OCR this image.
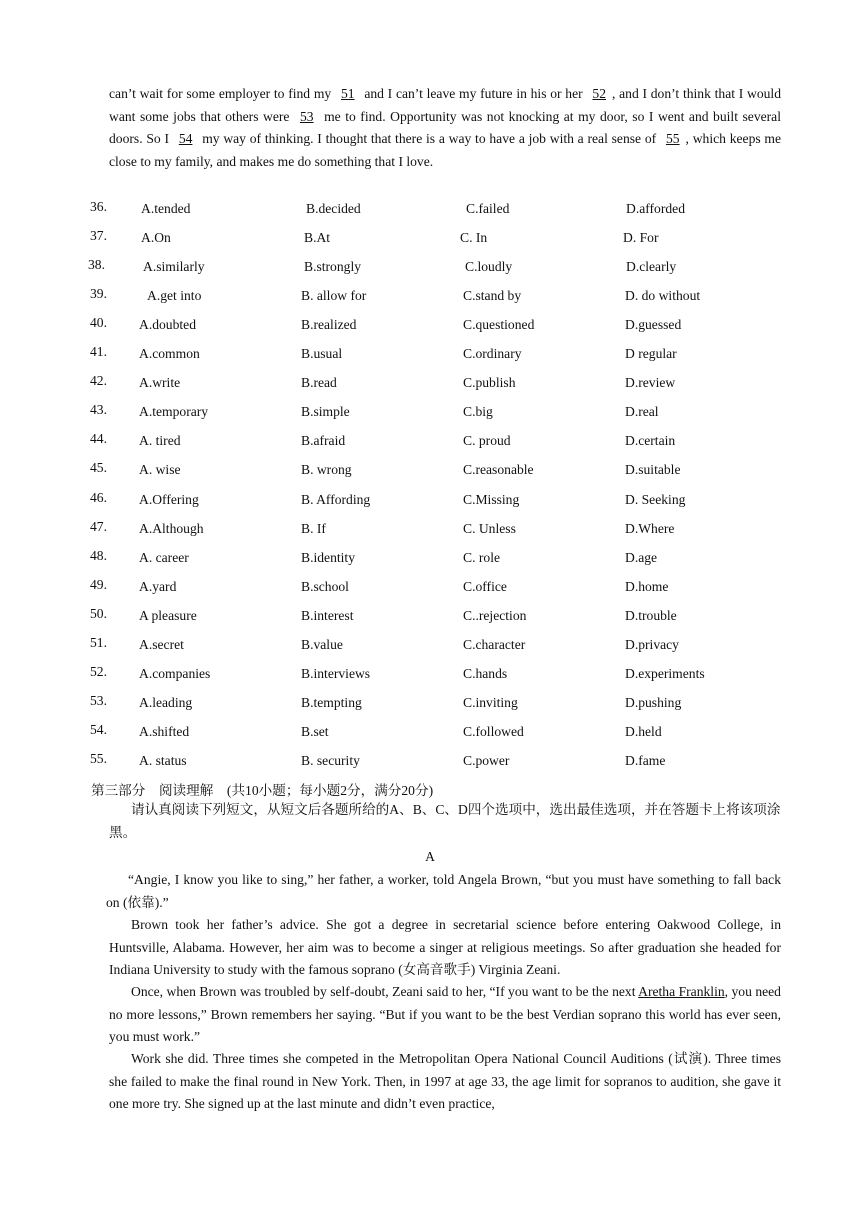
can’t wait for some employer to find my 51 and I can’t leave my future in his or her 52 , and I don’t think that I would want some jobs that others were 53 me to find. Opportunity was not knocking at my door, so I went and built several doors. So I 54 my way of thinking. I thought that there is a way to have a job with a real sense of 55 , which keeps me close to my family, and makes me do something that I love.
36.	A.tended	B.decided	C.failed	D.afforded
37.	A.On	B.At	C. In	D. For
38.	A.similarly	B.strongly	C.loudly	D.clearly
39.	A.get into	B. allow for	C.stand by	D. do without
40. A.doubted	B.realized	C.questioned	D.guessed
41. A.common	B.usual	C.ordinary	D regular
42. A.write	B.read	C.publish	D.review
43. A.temporary	B.simple	C.big	D.real
44. A. tired	B.afraid	C. proud	D.certain
45. A. wise	B. wrong	C.reasonable	D.suitable
46. A.Offering	B. Affording	C.Missing	D. Seeking
47. A.Although	B. If	C. Unless	D.Where
48. A. career	B.identity	C. role	D.age
49. A.yard	B.school	C.office	D.home
50. A pleasure	B.interest	C..rejection	D.trouble
51. A.secret	B.value	C.character	D.privacy
52. A.companies	B.interviews	C.hands	D.experiments
53. A.leading	B.tempting	C.inviting	D.pushing
54. A.shifted	B.set	C.followed	D.held
55. A. status	B. security	C.power	D.fame
第三部分　阅读理解　(共10小题；每小题2分，满分20分)
请认真阅读下列短文，从短文后各题所给的A、B、C、D四个选项中，选出最佳选项，并在答题卡上将该项涂黑。
A
“Angie, I know you like to sing,” her father, a worker, told Angela Brown, “but you must have something to fall back on (依靠).”
Brown took her father’s advice. She got a degree in secretarial science before entering Oakwood College, in Huntsville, Alabama. However, her aim was to become a singer at religious meetings. So after graduation she headed for Indiana University to study with the famous soprano (女高音歌手) Virginia Zeani.
Once, when Brown was troubled by self-doubt, Zeani said to her, “If you want to be the next Aretha Franklin, you need no more lessons,” Brown remembers her saying. “But if you want to be the best Verdian soprano this world has ever seen, you must work.”
Work she did. Three times she competed in the Metropolitan Opera National Council Auditions (试演). Three times she failed to make the final round in New York. Then, in 1997 at age 33, the age limit for sopranos to audition, she gave it one more try. She signed up at the last minute and didn’t even practice,
